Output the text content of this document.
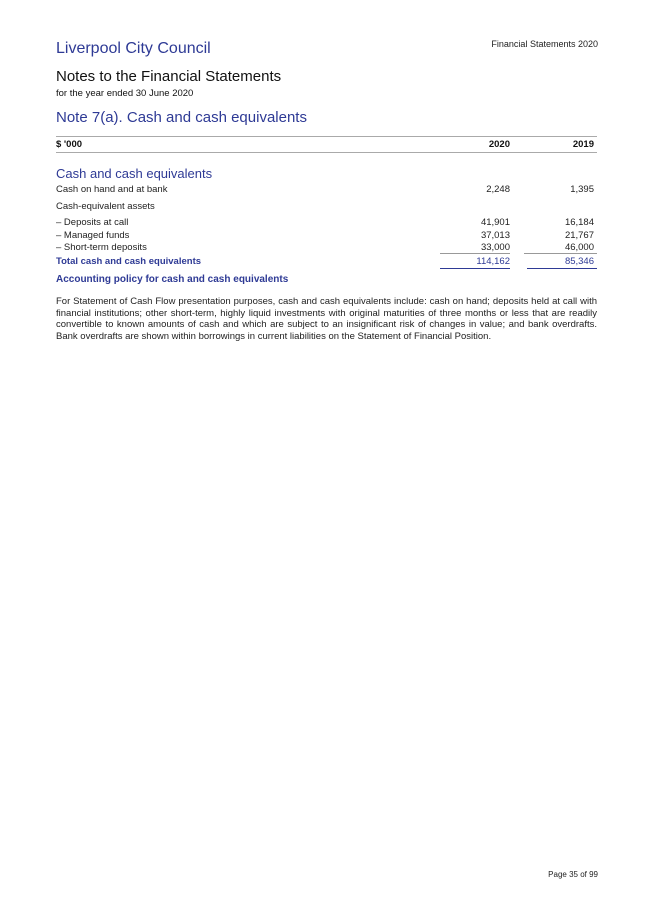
Liverpool City Council	Financial Statements 2020
Notes to the Financial Statements
for the year ended 30 June 2020
Note 7(a). Cash and cash equivalents
$ '000	2020	2019
Cash and cash equivalents
Cash on hand and at bank	2,248	1,395
Cash-equivalent assets
– Deposits at call	41,901	16,184
– Managed funds	37,013	21,767
– Short-term deposits	33,000	46,000
Total cash and cash equivalents	114,162	85,346
Accounting policy for cash and cash equivalents
For Statement of Cash Flow presentation purposes, cash and cash equivalents include: cash on hand; deposits held at call with financial institutions; other short-term, highly liquid investments with original maturities of three months or less that are readily convertible to known amounts of cash and which are subject to an insignificant risk of changes in value; and bank overdrafts. Bank overdrafts are shown within borrowings in current liabilities on the Statement of Financial Position.
Page 35 of 99
